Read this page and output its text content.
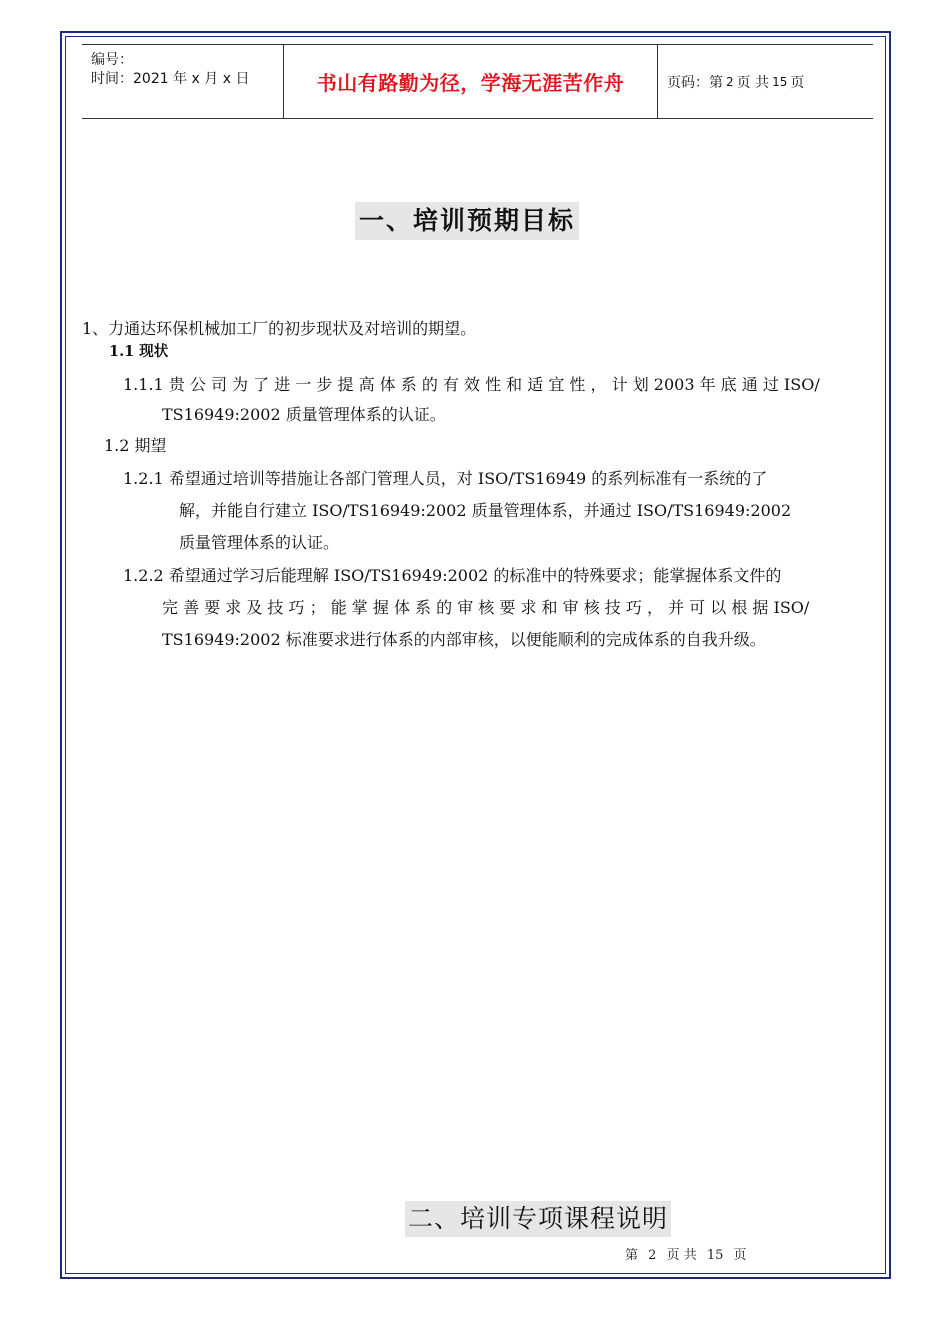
编号：
时间：2021 年 x 月 x 日	书山有路勤为径，学海无涯苦作舟	页码：第 2 页 共 15 页
一、培训预期目标
1、力通达环保机械加工厂的初步现状及对培训的期望。
1.1 现状
1.1.1 贵 公 司 为 了 进 一 步 提 高 体 系 的 有 效 性 和 适 宜 性 ， 计 划 2003 年 底 通 过 ISO/
TS16949:2002 质量管理体系的认证。
1.2 期望
1.2.1 希望通过培训等措施让各部门管理人员，对 ISO/TS16949 的系列标准有一系统的了
解，并能自行建立 ISO/TS16949:2002 质量管理体系，并通过 ISO/TS16949:2002
质量管理体系的认证。
1.2.2 希望通过学习后能理解 ISO/TS16949:2002 的标准中的特殊要求；能掌握体系文件的
完 善 要 求 及 技 巧 ； 能 掌 握 体 系 的 审 核 要 求 和 审 核 技 巧 ， 并 可 以 根 据 ISO/
TS16949:2002 标准要求进行体系的内部审核，以便能顺利的完成体系的自我升级。
二、培训专项课程说明
第 2 页 共 15 页
